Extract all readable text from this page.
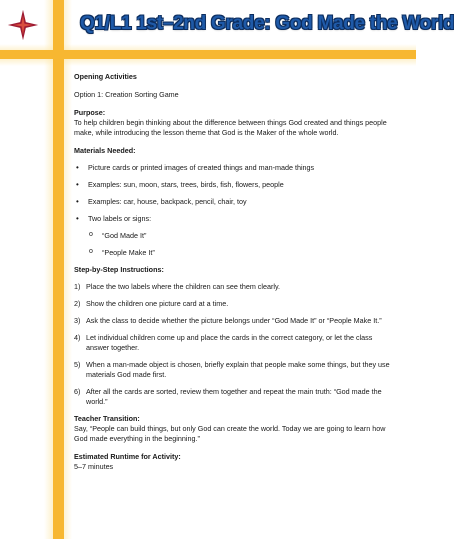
Q1/L1 1st–2nd Grade: God Made the World

Opening Activities

Option 1: Creation Sorting Game

Purpose:

To help children begin thinking about the difference between things God created and things people make, while introducing the lesson theme that God is the Maker of the whole world.

Materials Needed:

• Picture cards or printed images of created things and man-made things
• Examples: sun, moon, stars, trees, birds, fish, flowers, people
• Examples: car, house, backpack, pencil, chair, toy
• Two labels or signs:
o “God Made It”
o “People Make It”

Step-by-Step Instructions:

1) Place the two labels where the children can see them clearly.
2) Show the children one picture card at a time.
3) Ask the class to decide whether the picture belongs under “God Made It” or “People Make It.”
4) Let individual children come up and place the cards in the correct category, or let the class answer together.
5) When a man-made object is chosen, briefly explain that people make some things, but they use materials God made first.
6) After all the cards are sorted, review them together and repeat the main truth: “God made the world.”

Teacher Transition:

Say, “People can build things, but only God can create the world. Today we are going to learn how God made everything in the beginning.”

Estimated Runtime for Activity:

5–7 minutes
